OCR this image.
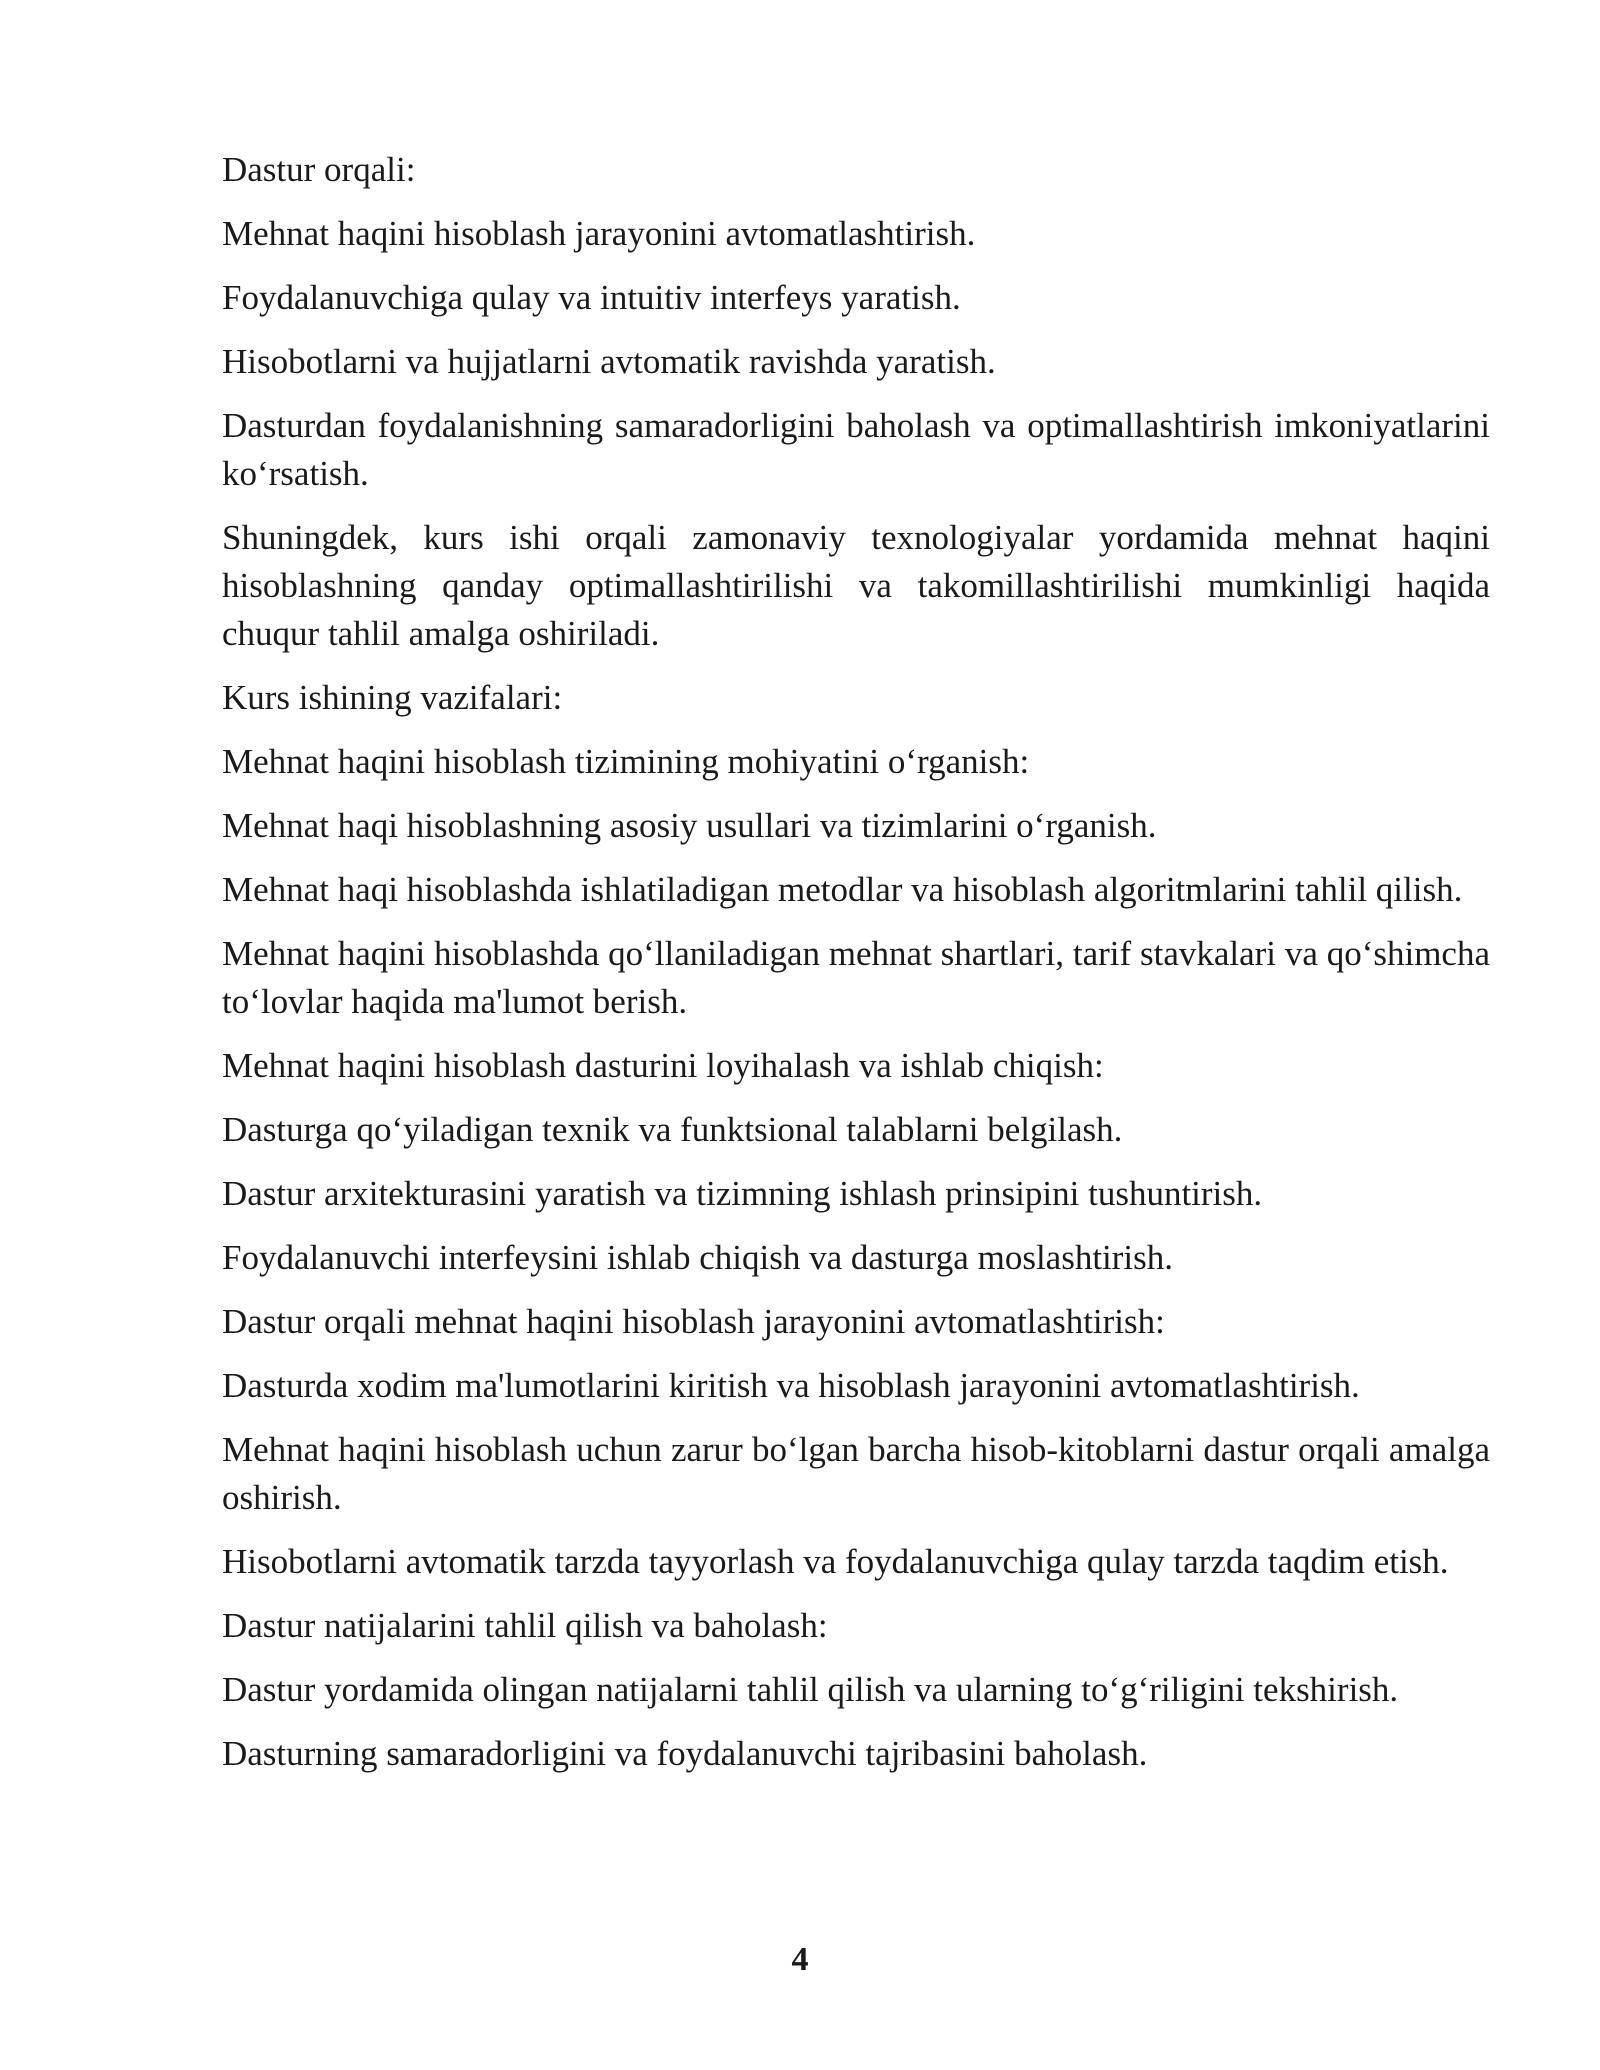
Dastur orqali:

Mehnat haqini hisoblash jarayonini avtomatlashtirish.

Foydalanuvchiga qulay va intuitiv interfeys yaratish.

Hisobotlarni va hujjatlarni avtomatik ravishda yaratish.

Dasturdan foydalanishning samaradorligini baholash va optimallashtirish imkoniyatlarini ko‘rsatish.

Shuningdek, kurs ishi orqali zamonaviy texnologiyalar yordamida mehnat haqini hisoblashning qanday optimallashtirilishi va takomillashtirilishi mumkinligi haqida chuqur tahlil amalga oshiriladi.

Kurs ishining vazifalari:

Mehnat haqini hisoblash tizimining mohiyatini o‘rganish:

Mehnat haqi hisoblashning asosiy usullari va tizimlarini o‘rganish.

Mehnat haqi hisoblashda ishlatiladigan metodlar va hisoblash algoritmlarini tahlil qilish.

Mehnat haqini hisoblashda qo‘llaniladigan mehnat shartlari, tarif stavkalari va qo‘shimcha to‘lovlar haqida ma'lumot berish.

Mehnat haqini hisoblash dasturini loyihalash va ishlab chiqish:

Dasturga qo‘yiladigan texnik va funktsional talablarni belgilash.

Dastur arxitekturasini yaratish va tizimning ishlash prinsipini tushuntirish.

Foydalanuvchi interfeysini ishlab chiqish va dasturga moslashtirish.

Dastur orqali mehnat haqini hisoblash jarayonini avtomatlashtirish:

Dasturda xodim ma'lumotlarini kiritish va hisoblash jarayonini avtomatlashtirish.

Mehnat haqini hisoblash uchun zarur bo‘lgan barcha hisob-kitoblarni dastur orqali amalga oshirish.

Hisobotlarni avtomatik tarzda tayyorlash va foydalanuvchiga qulay tarzda taqdim etish.

Dastur natijalarini tahlil qilish va baholash:

Dastur yordamida olingan natijalarni tahlil qilish va ularning to‘g‘riligini tekshirish.

Dasturning samaradorligini va foydalanuvchi tajribasini baholash.

4
